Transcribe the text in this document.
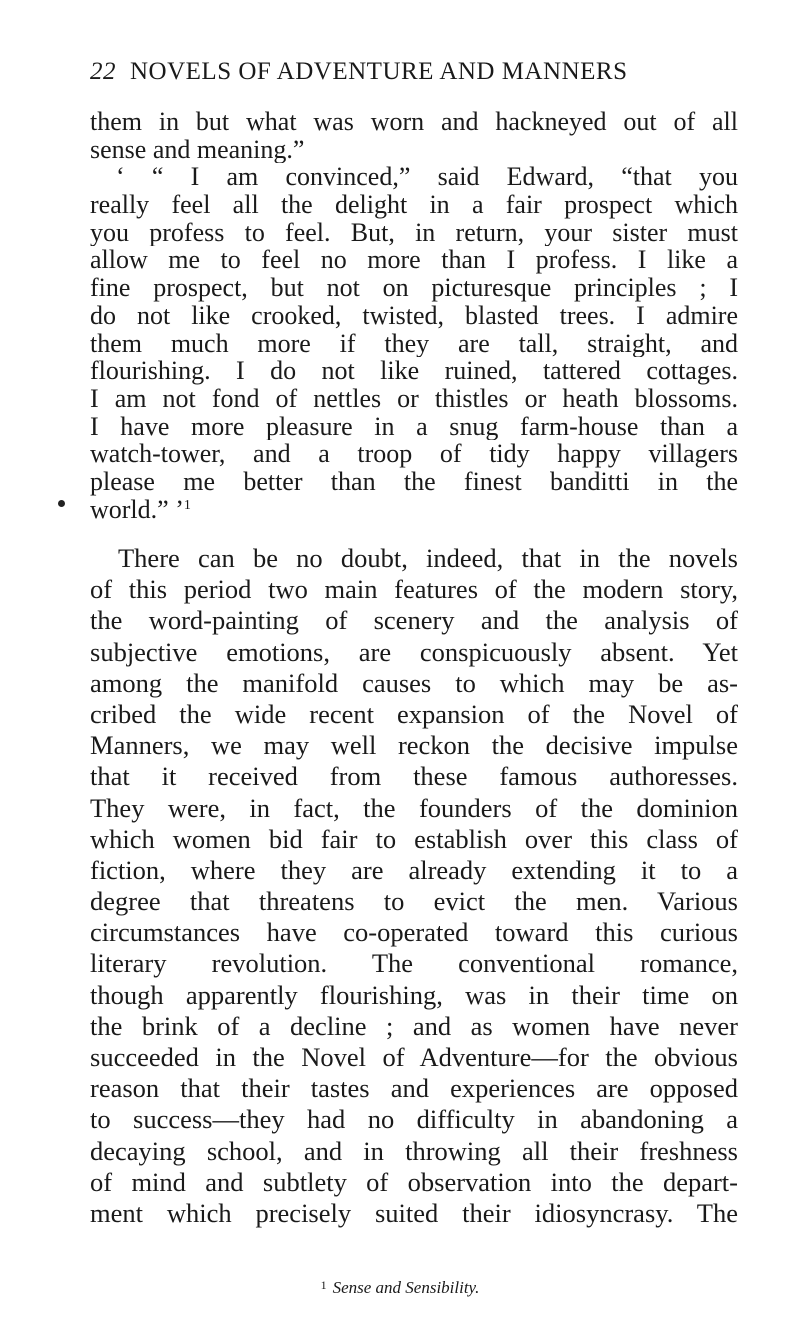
22 NOVELS OF ADVENTURE AND MANNERS
them in but what was worn and hackneyed out of all
sense and meaning.”
‘ “ I am convinced,” said Edward, “that you
really feel all the delight in a fair prospect which
you profess to feel. But, in return, your sister must
allow me to feel no more than I profess. I like a
fine prospect, but not on picturesque principles ; I
do not like crooked, twisted, blasted trees. I admire
them much more if they are tall, straight, and
flourishing. I do not like ruined, tattered cottages.
I am not fond of nettles or thistles or heath blossoms.
I have more pleasure in a snug farm-house than a
watch-tower, and a troop of tidy happy villagers
please me better than the finest banditti in the
world.” ’$^1$
There can be no doubt, indeed, that in the novels
of this period two main features of the modern story,
the word-painting of scenery and the analysis of
subjective emotions, are conspicuously absent. Yet
among the manifold causes to which may be as-
cribed the wide recent expansion of the Novel of
Manners, we may well reckon the decisive impulse
that it received from these famous authoresses.
They were, in fact, the founders of the dominion
which women bid fair to establish over this class of
fiction, where they are already extending it to a
degree that threatens to evict the men. Various
circumstances have co-operated toward this curious
literary revolution. The conventional romance,
though apparently flourishing, was in their time on
the brink of a decline ; and as women have never
succeeded in the Novel of Adventure—for the obvious
reason that their tastes and experiences are opposed
to success—they had no difficulty in abandoning a
decaying school, and in throwing all their freshness
of mind and subtlety of observation into the depart-
ment which precisely suited their idiosyncrasy. The
$^1$ Sense and Sensibility.
